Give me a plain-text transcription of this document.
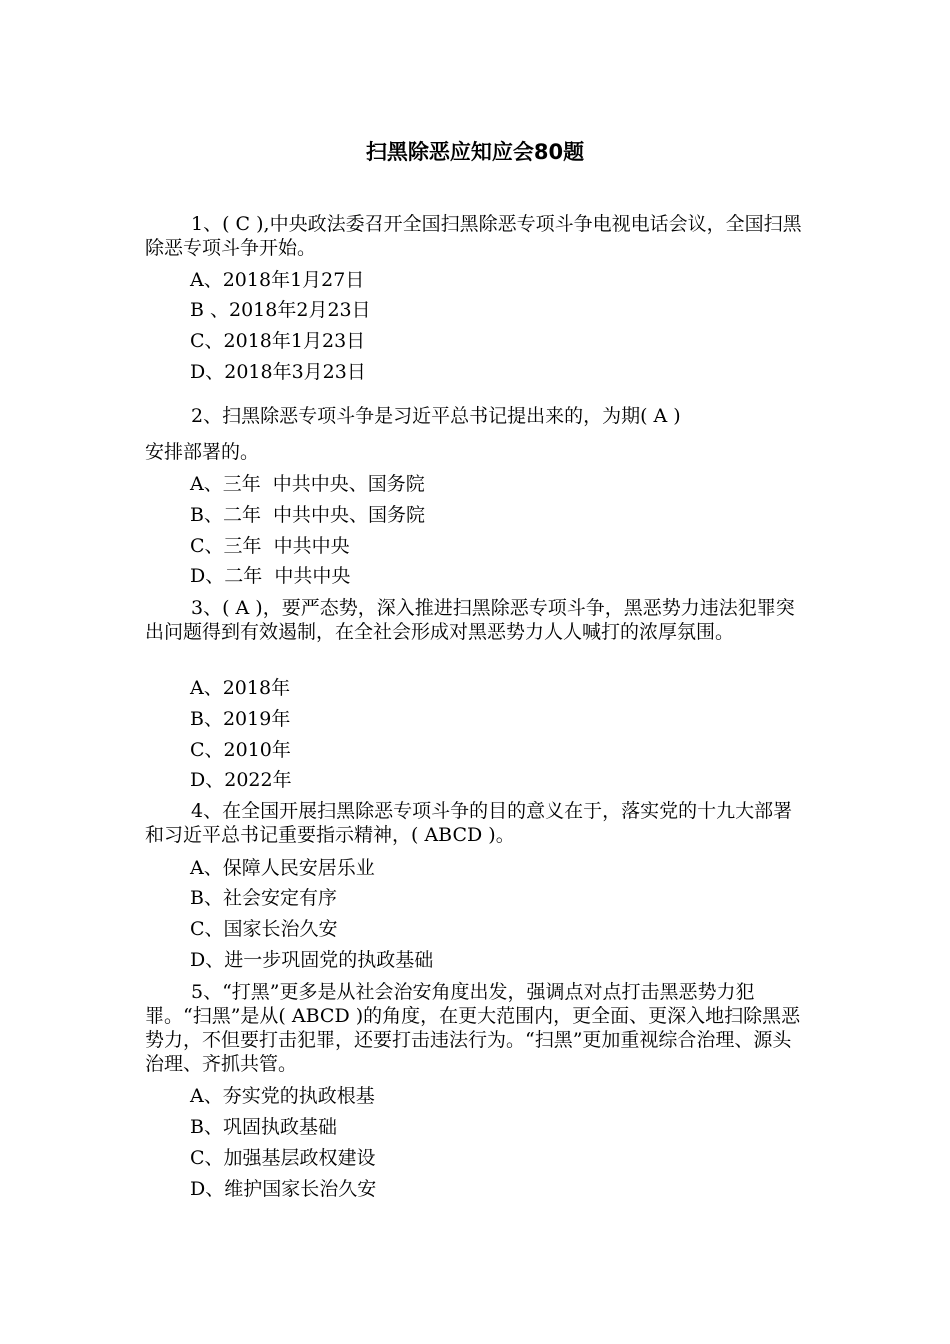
扫黑除恶应知应会80题
1、( C ),中央政法委召开全国扫黑除恶专项斗争电视电话会议，全国扫黑除恶专项斗争开始。
A、2018年1月27日
B 、2018年2月23日
C、2018年1月23日
D、2018年3月23日
2、扫黑除恶专项斗争是习近平总书记提出来的，为期( A )
安排部署的。
A、三年  中共中央、国务院
B、二年  中共中央、国务院
C、三年  中共中央
D、二年  中共中央
3、( A )，要严态势，深入推进扫黑除恶专项斗争，黑恶势力违法犯罪突出问题得到有效遏制，在全社会形成对黑恶势力人人喊打的浓厚氛围。
A、2018年
B、2019年
C、2010年
D、2022年
4、在全国开展扫黑除恶专项斗争的目的意义在于，落实党的十九大部署和习近平总书记重要指示精神，( ABCD )。
A、保障人民安居乐业
B、社会安定有序
C、国家长治久安
D、进一步巩固党的执政基础
5、“打黑”更多是从社会治安角度出发，强调点对点打击黑恶势力犯罪。“扫黑”是从( ABCD )的角度，在更大范围内，更全面、更深入地扫除黑恶势力，不但要打击犯罪，还要打击违法行为。“扫黑”更加重视综合治理、源头治理、齐抓共管。
A、夯实党的执政根基
B、巩固执政基础
C、加强基层政权建设
D、维护国家长治久安
